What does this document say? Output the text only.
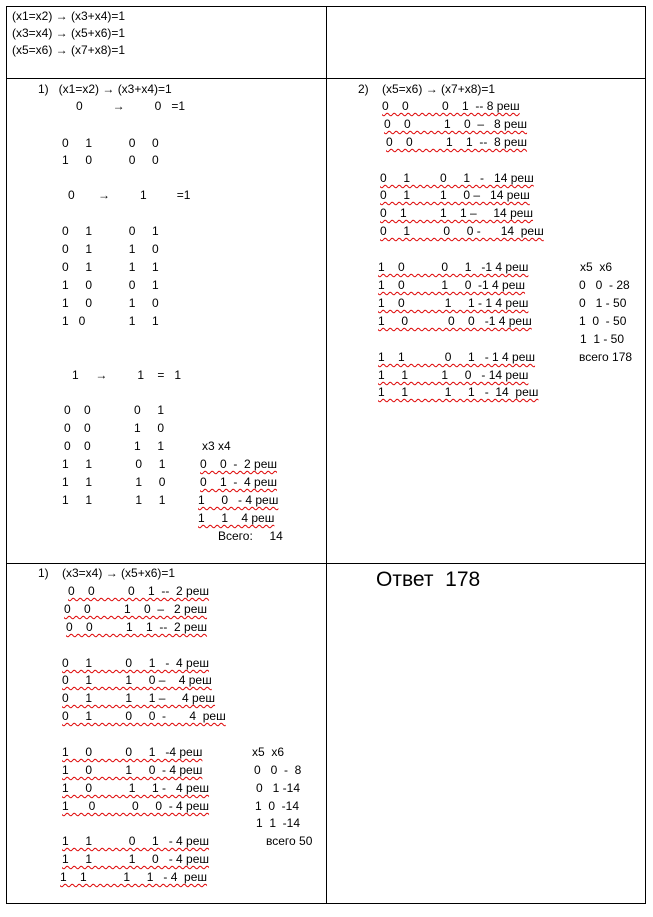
(x1=x2) → (x3+x4)=1
(x3=x4) → (x5+x6)=1
(x5=x6) → (x7+x8)=1
1)   (x1=x2) → (x3+x4)=1
0         →         0   =1
0     1           0     0
1     0           0     0
0       →         1         =1
0     1           0     1
0     1           1     0
0     1           1     1
1     0           0     1
1     0           1     0
1   0             1     1
1     →         1    =   1
0    0             0     1
0    0             1     0
0    0             1     1
1     1             0     1
1     1             1     0
1     1             1     1
x3 x4
0    0  -  2 реш
0    1  -  4 реш
1     0   - 4 реш
1     1    4 реш
Всего:     14
2)    (x5=x6) → (x7+x8)=1
0    0          0    1  -- 8 реш
0    0          1    0  –   8 реш
0    0          1    1  --  8 реш
0     1         0     1   -   14 реш
0     1         1     0 –   14 реш
0    1          1    1 –     14 реш
0     1          0     0 -      14  реш
1    0           0     1   -1 4 реш
1    0           1     0  -1 4 реш
1    0            1     1 - 1 4 реш
1     0            0    0   -1 4 реш
1    1            0     1   - 1 4 реш
1     1          1     0   - 14 реш
1     1           1     1   -  14  реш
x5  x6
0   0  - 28
0   1 - 50
1  0  - 50
1  1 - 50
всего 178
1)    (x3=x4) → (x5+x6)=1
0    0          0    1  --  2 реш
0    0          1    0  –   2 реш
0    0          1    1  --  2 реш
0     1          0     1   -  4 реш
0     1          1     0 –    4 реш
0     1          1     1 –     4 реш
0     1          0     0  -       4  реш
1     0          0     1   -4 реш
1     0          1     0  - 4 реш
1     0           1     1 -   4 реш
1      0           0     0  - 4 реш
1     1           0     1   - 4 реш
1     1           1     0   - 4 реш
1    1           1     1   - 4  реш
x5  x6
0   0  -  8
0   1 -14
1  0  -14
1  1  -14
всего 50
Ответ  178
